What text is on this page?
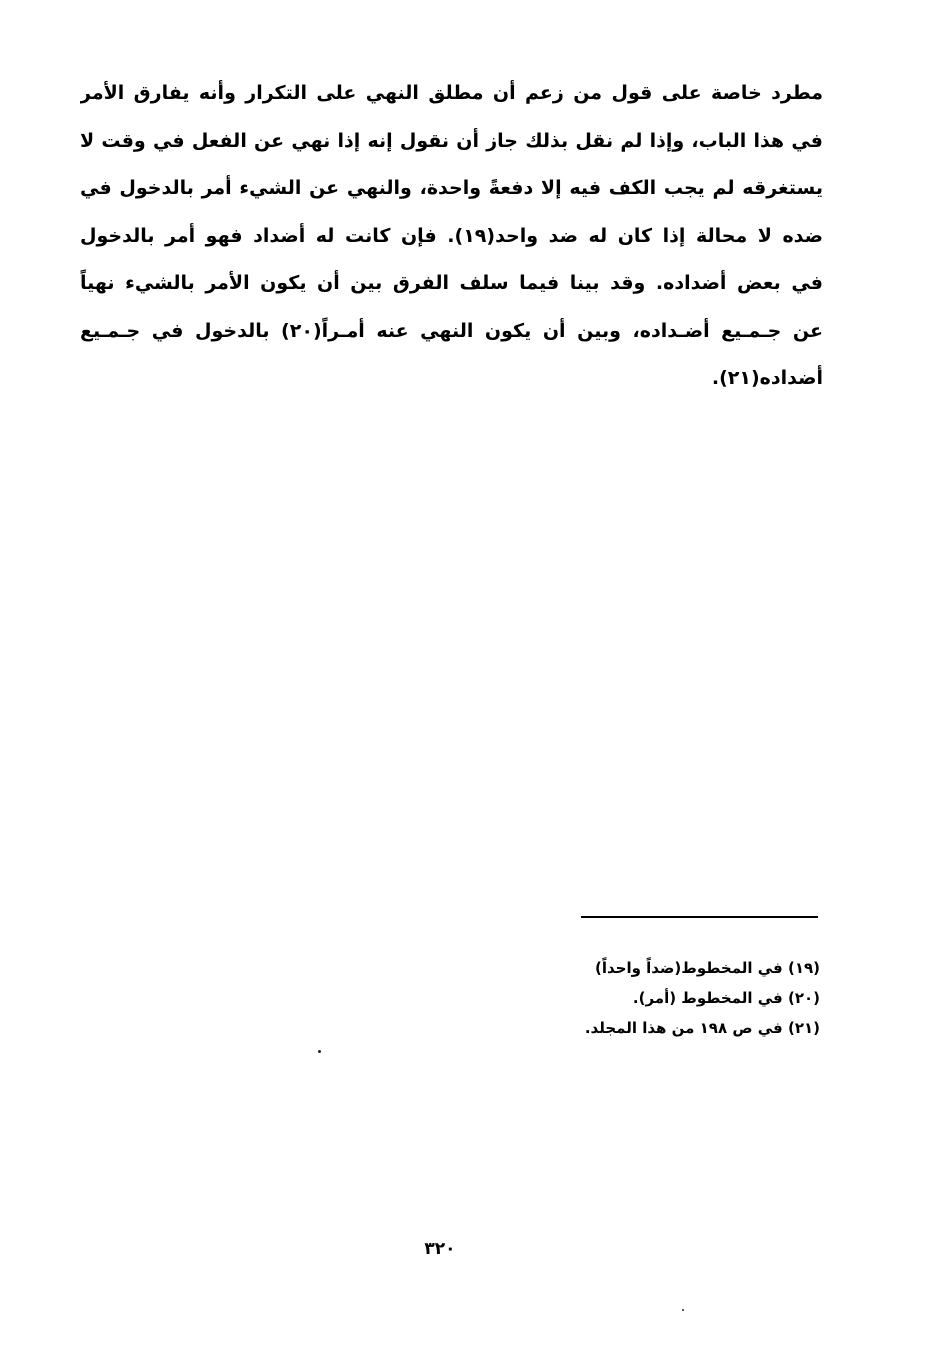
مطرد خاصة على قول من زعم أن مطلق النهي على التكرار وأنه يفارق الأمر
في هذا الباب، وإذا لم نقل بذلك جاز أن نقول إنه إذا نهي عن الفعل في وقت لا
يستغرقه لم يجب الكف فيه إلا دفعةً واحدة، والنهي عن الشيء أمر بالدخول في
ضده لا محالة إذا كان له ضد واحد(١٩). فإن كانت له أضداد فهو أمر بالدخول
في بعض أضداده. وقد بينا فيما سلف الفرق بين أن يكون الأمر بالشيء نهياً
عن جـمـيع أضـداده، وبين أن يكون النهي عنه أمـراً(٢٠) بالدخول في جـمـيع
أضداده(٢١).
(١٩) في المخطوط(ضداً واحداً)
(٢٠) في المخطوط (أمر).
(٢١) في ص ١٩٨ من هذا المجلد.
٣٢٠
